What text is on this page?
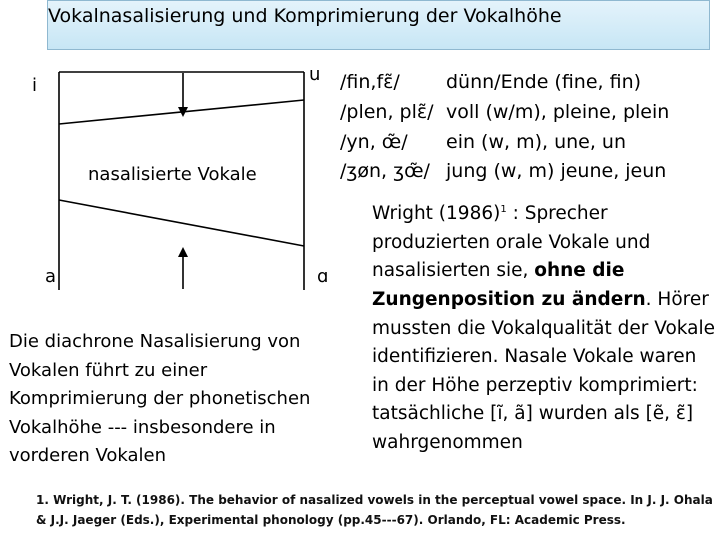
Vokalnasalisierung und Komprimierung der Vokalhöhe
i
u
a	ɑ
nasalisierte Vokale
/fin,fɛ̃/ dünn/Ende (fine, fin)
/plen, plɛ̃/ voll (w/m), pleine, plein
/yn, œ̃/ ein (w, m), une, un
/ʒøn, ʒœ̃/ jung (w, m) jeune, jeun
Wright $(1986)^1$ : Sprecher produzierten orale Vokale und nasalisierten sie, ohne die Zungenposition zu ändern. Hörer mussten die Vokalqualität der Vokale identifizieren. Nasale Vokale waren in der Höhe perzeptiv komprimiert: tatsächliche [ĩ, ã] wurden als [ẽ, ɛ̃] wahrgenommen
Die diachrone Nasalisierung von Vokalen führt zu einer Komprimierung der phonetischen Vokalhöhe --- insbesondere in vorderen Vokalen
1. Wright, J. T. (1986). The behavior of nasalized vowels in the perceptual vowel space. In J. J. Ohala & J.J. Jaeger (Eds.), Experimental phonology (pp.45---67). Orlando, FL: Academic Press.
